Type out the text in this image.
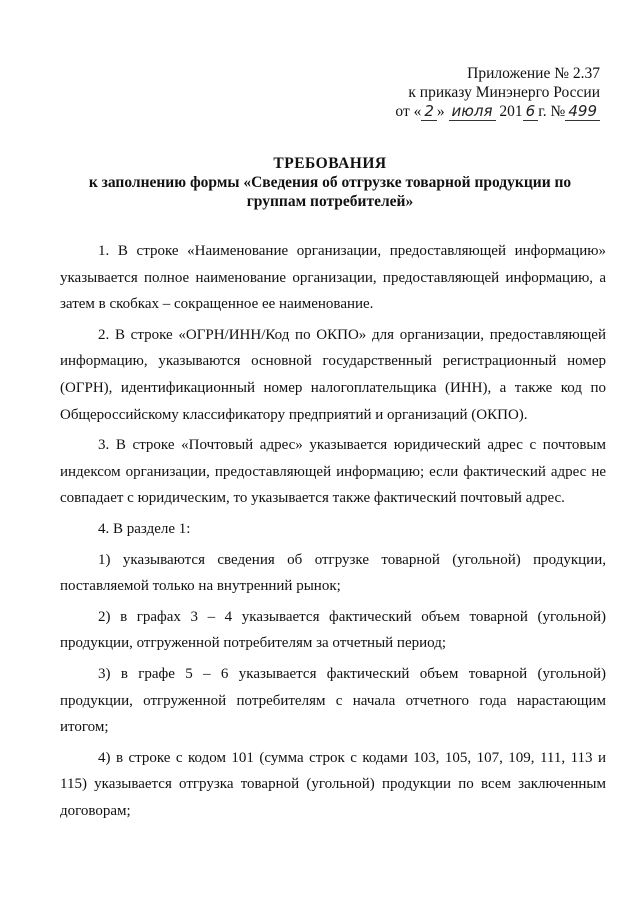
Приложение № 2.37
к приказу Минэнерго России
от « 2 » июля 201 6 г. № 499
ТРЕБОВАНИЯ
к заполнению формы «Сведения об отгрузке товарной продукции по группам потребителей»

1. В строке «Наименование организации, предоставляющей информацию» указывается полное наименование организации, предоставляющей информацию, а затем в скобках – сокращенное ее наименование.

2. В строке «ОГРН/ИНН/Код по ОКПО» для организации, предоставляющей информацию, указываются основной государственный регистрационный номер (ОГРН), идентификационный номер налогоплательщика (ИНН), а также код по Общероссийскому классификатору предприятий и организаций (ОКПО).

3. В строке «Почтовый адрес» указывается юридический адрес с почтовым индексом организации, предоставляющей информацию; если фактический адрес не совпадает с юридическим, то указывается также фактический почтовый адрес.

4. В разделе 1:

1) указываются сведения об отгрузке товарной (угольной) продукции, поставляемой только на внутренний рынок;

2) в графах 3 – 4 указывается фактический объем товарной (угольной) продукции, отгруженной потребителям за отчетный период;

3) в графе 5 – 6 указывается фактический объем товарной (угольной) продукции, отгруженной потребителям с начала отчетного года нарастающим итогом;

4) в строке с кодом 101 (сумма строк с кодами 103, 105, 107, 109, 111, 113 и 115) указывается отгрузка товарной (угольной) продукции по всем заключенным договорам;
